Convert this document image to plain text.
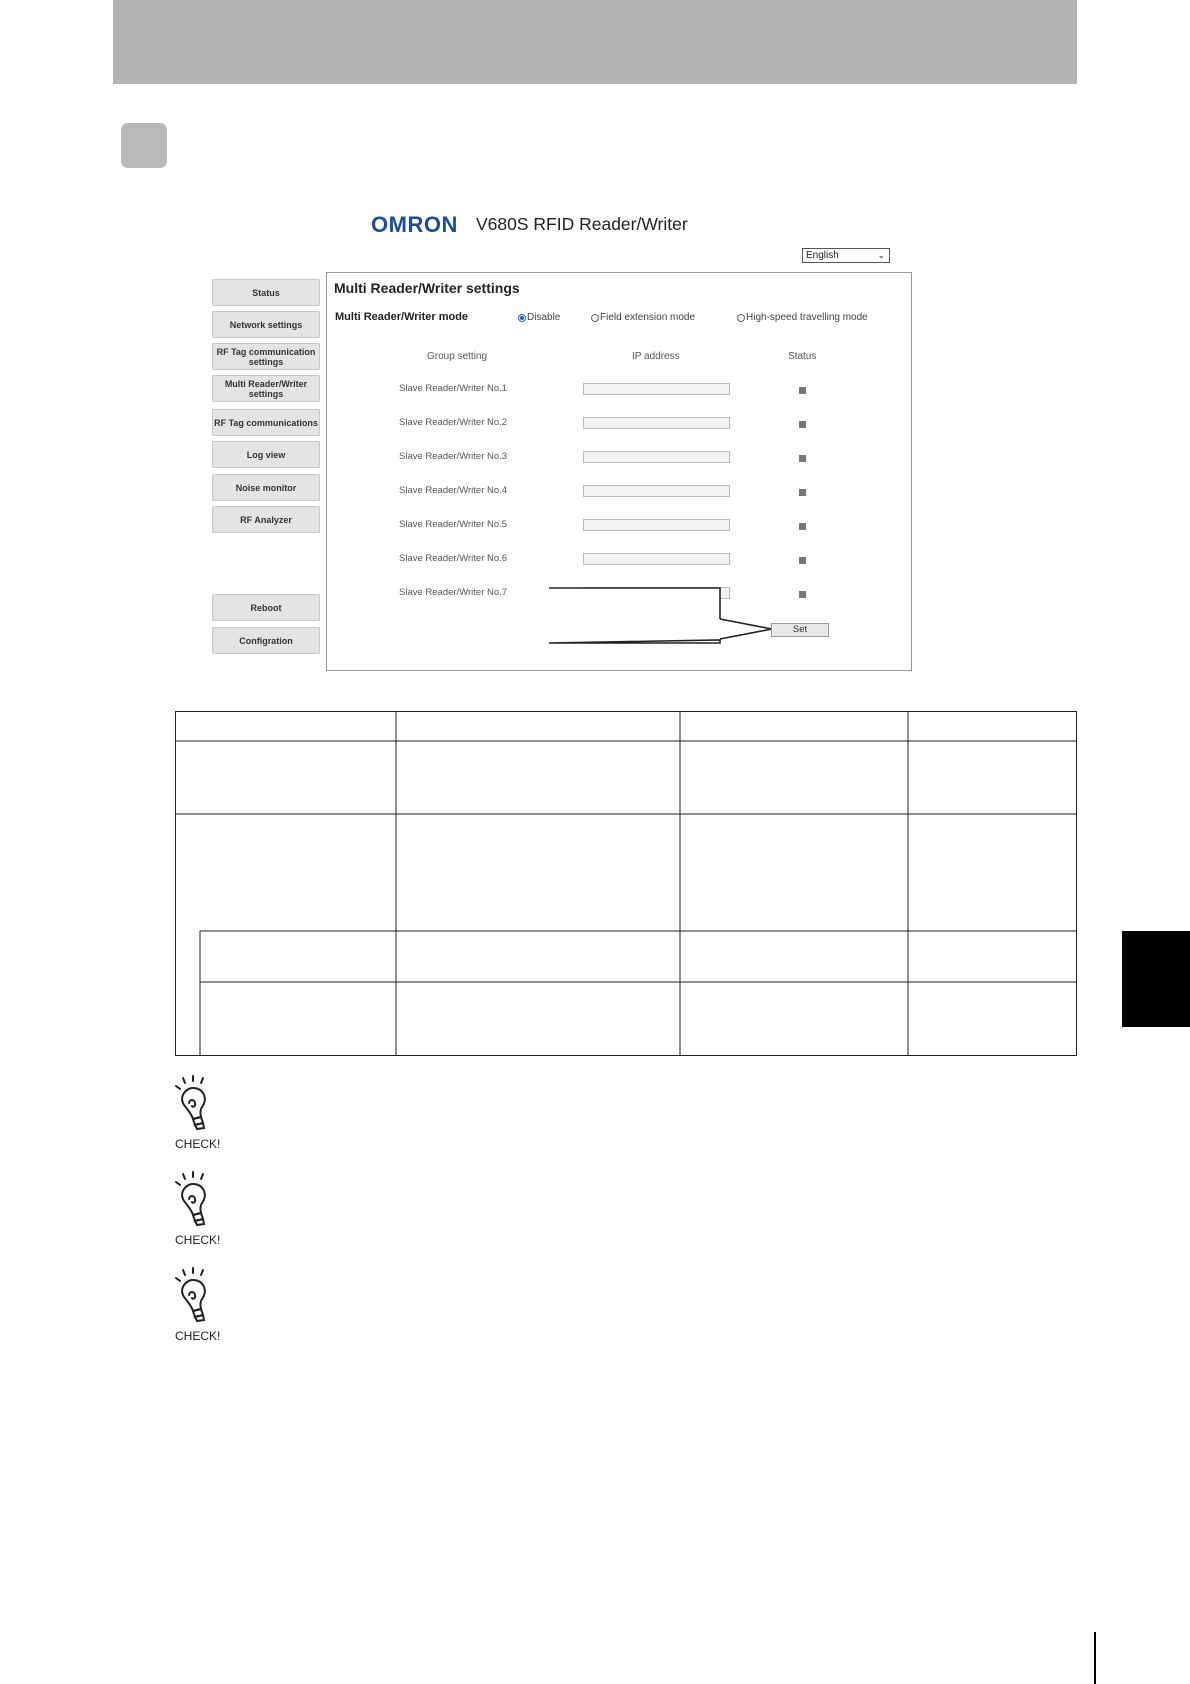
OMRON V680S RFID Reader/Writer
English	⌄
Status
Network settings
RF Tag communication settings
Multi Reader/Writer settings
RF Tag communications
Log view
Noise monitor
RF Analyzer
Reboot
Configration
Multi Reader/Writer settings
Multi Reader/Writer mode	Disable	Field extension mode	High-speed travelling mode
Group setting	IP address	Status
Slave Reader/Writer No.1
Slave Reader/Writer No.2
Slave Reader/Writer No.3
Slave Reader/Writer No.4
Slave Reader/Writer No.5
Slave Reader/Writer No.6
Slave Reader/Writer No.7
Set
CHECK!
CHECK!
CHECK!
